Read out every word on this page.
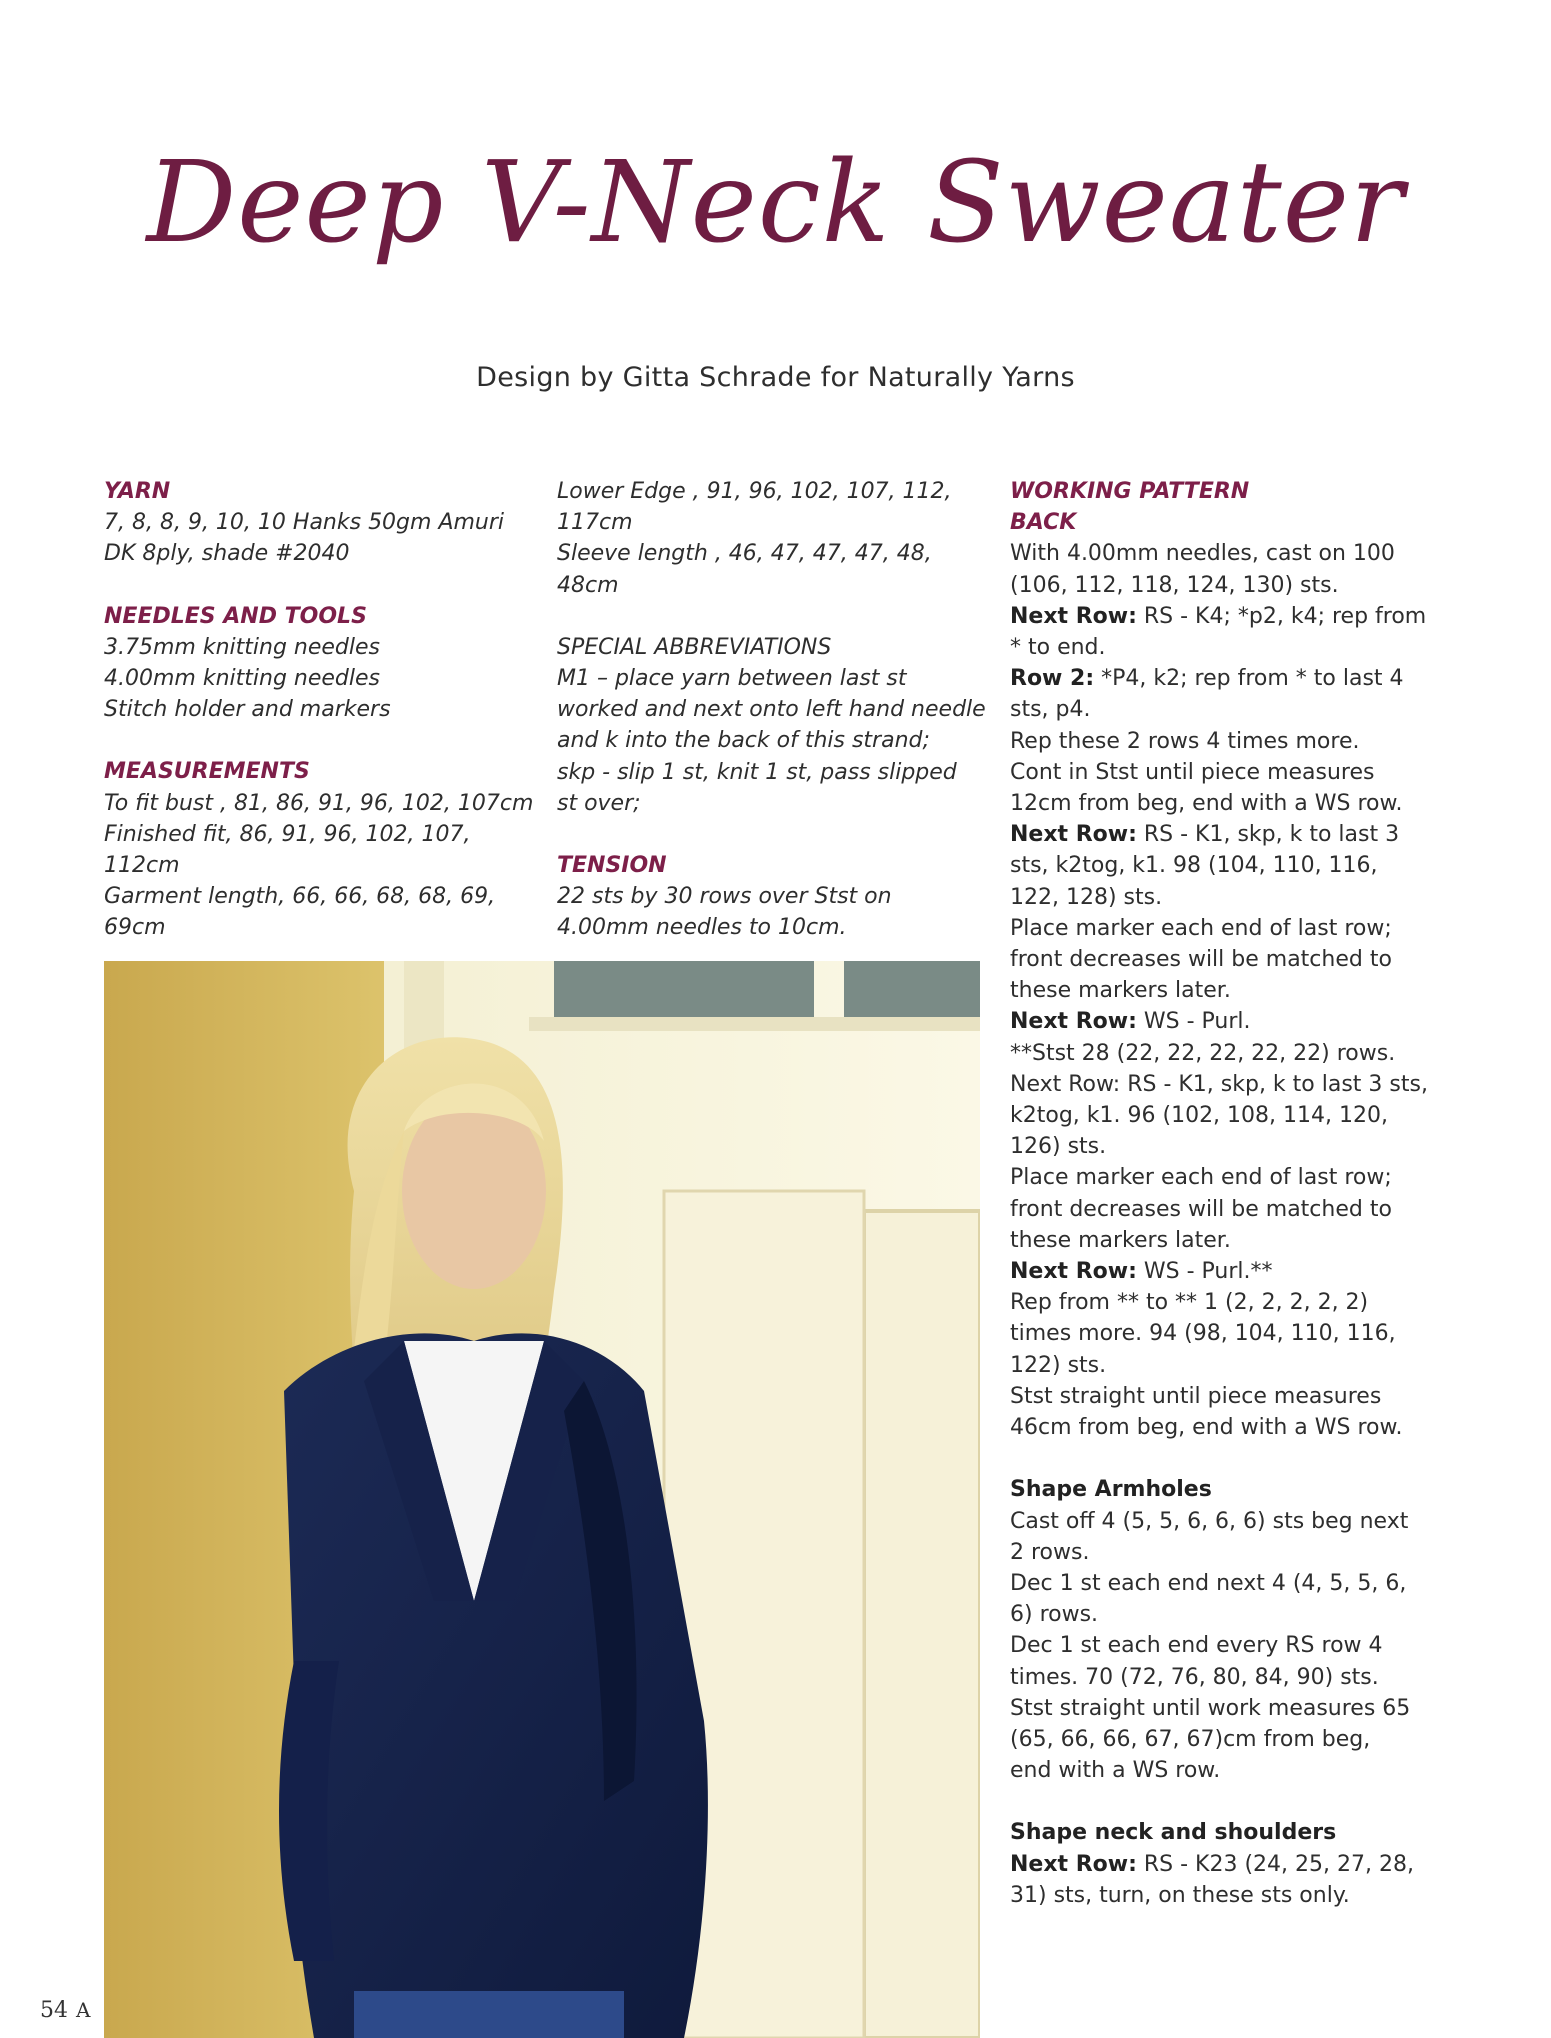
Deep V-Neck Sweater
Design by Gitta Schrade for Naturally Yarns
YARN
7, 8, 8, 9, 10, 10 Hanks 50gm Amuri
DK 8ply, shade #2040
NEEDLES AND TOOLS
3.75mm knitting needles
4.00mm knitting needles
Stitch holder and markers
MEASUREMENTS
To fit bust , 81, 86, 91, 96, 102, 107cm
Finished fit, 86, 91, 96, 102, 107,
112cm
Garment length, 66, 66, 68, 68, 69,
69cm
Lower Edge , 91, 96, 102, 107, 112,
117cm
Sleeve length , 46, 47, 47, 47, 48,
48cm
SPECIAL ABBREVIATIONS
M1 – place yarn between last st
worked and next onto left hand needle
and k into the back of this strand;
skp - slip 1 st, knit 1 st, pass slipped
st over;
TENSION
22 sts by 30 rows over Stst on
4.00mm needles to 10cm.
WORKING PATTERN
BACK
With 4.00mm needles, cast on 100
(106, 112, 118, 124, 130) sts.
Next Row: RS - K4; *p2, k4; rep from
* to end.
Row 2: *P4, k2; rep from * to last 4
sts, p4.
Rep these 2 rows 4 times more.
Cont in Stst until piece measures
12cm from beg, end with a WS row.
Next Row: RS - K1, skp, k to last 3
sts, k2tog, k1. 98 (104, 110, 116,
122, 128) sts.
Place marker each end of last row;
front decreases will be matched to
these markers later.
Next Row: WS - Purl.
**Stst 28 (22, 22, 22, 22, 22) rows.
Next Row: RS - K1, skp, k to last 3 sts,
k2tog, k1. 96 (102, 108, 114, 120,
126) sts.
Place marker each end of last row;
front decreases will be matched to
these markers later.
Next Row: WS - Purl.**
Rep from ** to ** 1 (2, 2, 2, 2, 2)
times more. 94 (98, 104, 110, 116,
122) sts.
Stst straight until piece measures
46cm from beg, end with a WS row.
Shape Armholes
Cast off 4 (5, 5, 6, 6, 6) sts beg next
2 rows.
Dec 1 st each end next 4 (4, 5, 5, 6,
6) rows.
Dec 1 st each end every RS row 4
times. 70 (72, 76, 80, 84, 90) sts.
Stst straight until work measures 65
(65, 66, 66, 67, 67)cm from beg,
end with a WS row.
Shape neck and shoulders
Next Row: RS - K23 (24, 25, 27, 28,
31) sts, turn, on these sts only.
54 A
